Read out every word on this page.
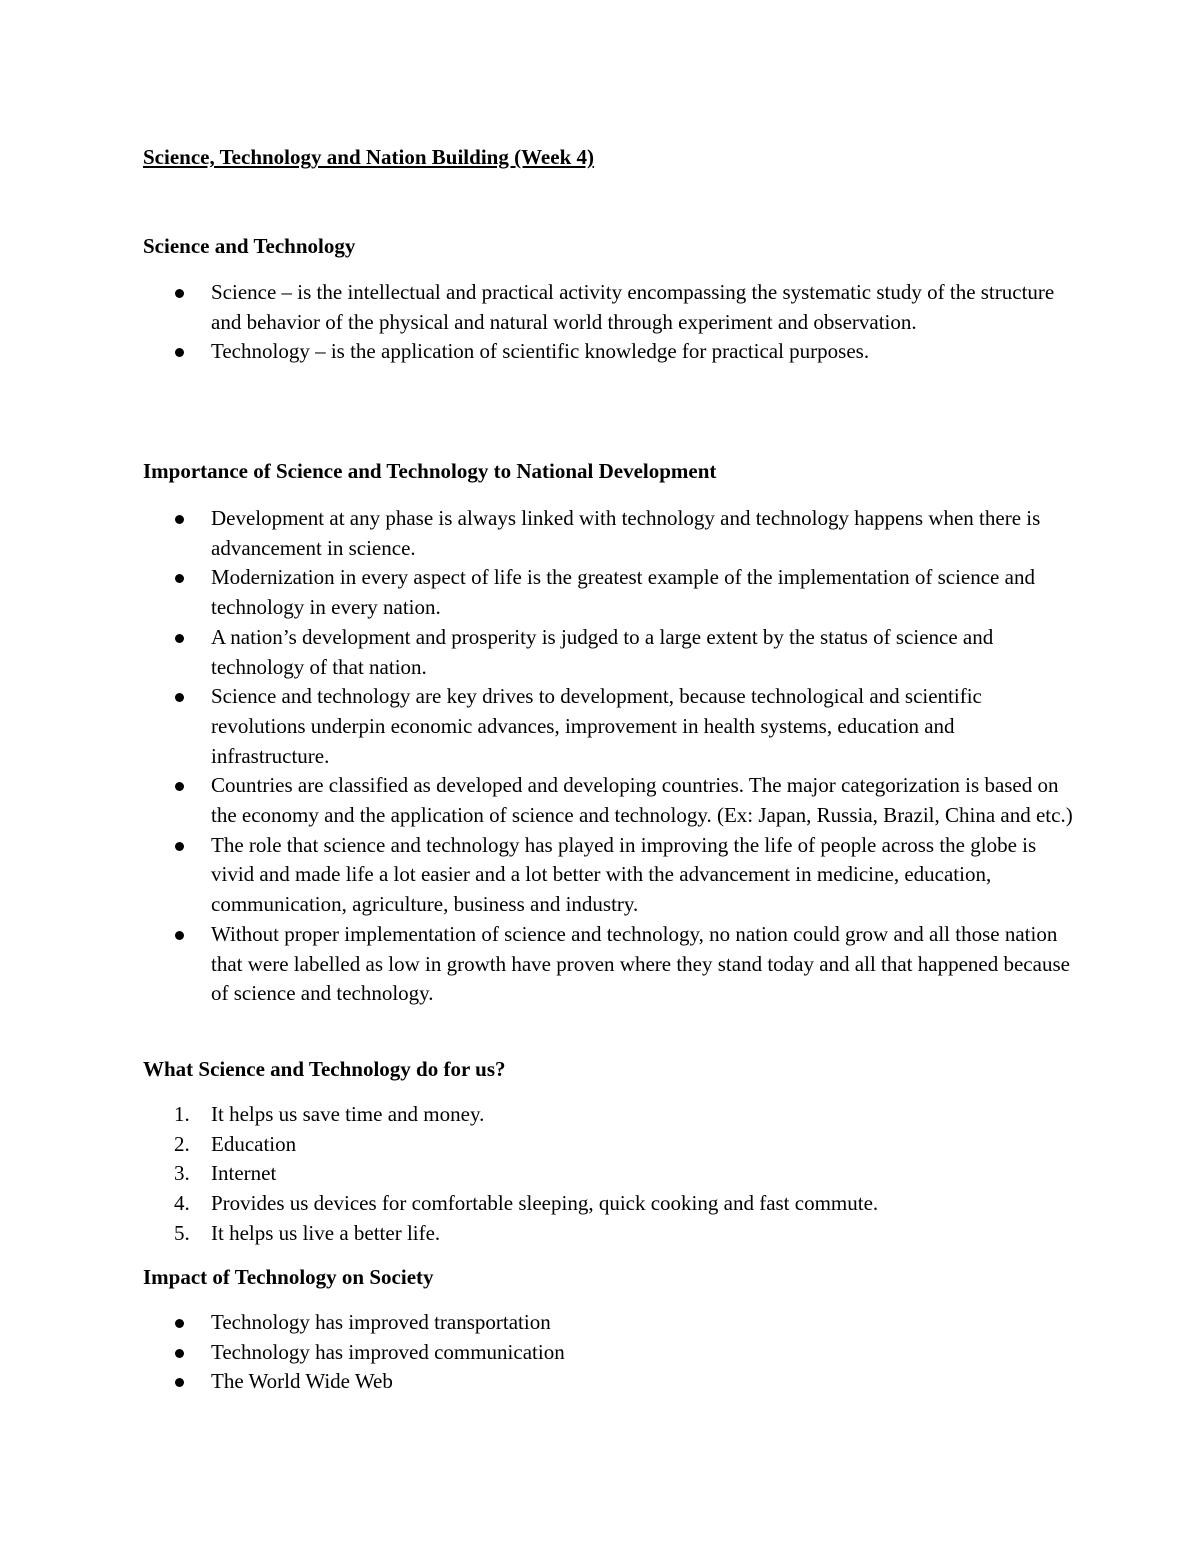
Science, Technology and Nation Building (Week 4)
Science and Technology
Science – is the intellectual and practical activity encompassing the systematic study of the structure and behavior of the physical and natural world through experiment and observation.
Technology – is the application of scientific knowledge for practical purposes.
Importance of Science and Technology to National Development
Development at any phase is always linked with technology and technology happens when there is advancement in science.
Modernization in every aspect of life is the greatest example of the implementation of science and technology in every nation.
A nation’s development and prosperity is judged to a large extent by the status of science and technology of that nation.
Science and technology are key drives to development, because technological and scientific revolutions underpin economic advances, improvement in health systems, education and infrastructure.
Countries are classified as developed and developing countries. The major categorization is based on the economy and the application of science and technology. (Ex: Japan, Russia, Brazil, China and etc.)
The role that science and technology has played in improving the life of people across the globe is vivid and made life a lot easier and a lot better with the advancement in medicine, education, communication, agriculture, business and industry.
Without proper implementation of science and technology, no nation could grow and all those nation that were labelled as low in growth have proven where they stand today and all that happened because of science and technology.
What Science and Technology do for us?
1.	It helps us save time and money.
2.	Education
3.	Internet
4.	Provides us devices for comfortable sleeping, quick cooking and fast commute.
5.	It helps us live a better life.
Impact of Technology on Society
Technology has improved transportation
Technology has improved communication
The World Wide Web
